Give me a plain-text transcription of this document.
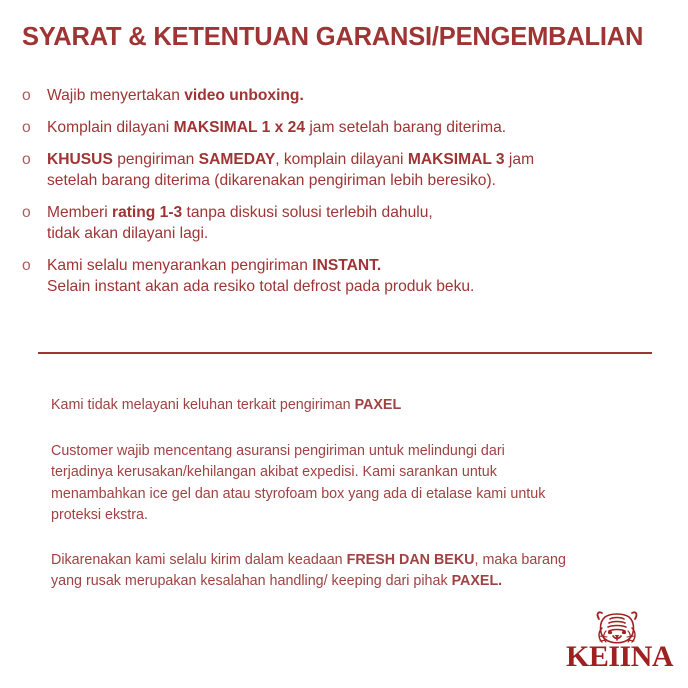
SYARAT & KETENTUAN GARANSI/PENGEMBALIAN
o Wajib menyertakan video unboxing.
o Komplain dilayani MAKSIMAL 1 x 24 jam setelah barang diterima.
o KHUSUS pengiriman SAMEDAY, komplain dilayani MAKSIMAL 3 jam
setelah barang diterima (dikarenakan pengiriman lebih beresiko).
o Memberi rating 1-3 tanpa diskusi solusi terlebih dahulu,
tidak akan dilayani lagi.
o Kami selalu menyarankan pengiriman INSTANT.
Selain instant akan ada resiko total defrost pada produk beku.

Kami tidak melayani keluhan terkait pengiriman PAXEL

Customer wajib mencentang asuransi pengiriman untuk melindungi dari
terjadinya kerusakan/kehilangan akibat expedisi. Kami sarankan untuk
menambahkan ice gel dan atau styrofoam box yang ada di etalase kami untuk
proteksi ekstra.

Dikarenakan kami selalu kirim dalam keadaan FRESH DAN BEKU, maka barang
yang rusak merupakan kesalahan handling/ keeping dari pihak PAXEL.

KEIINA
